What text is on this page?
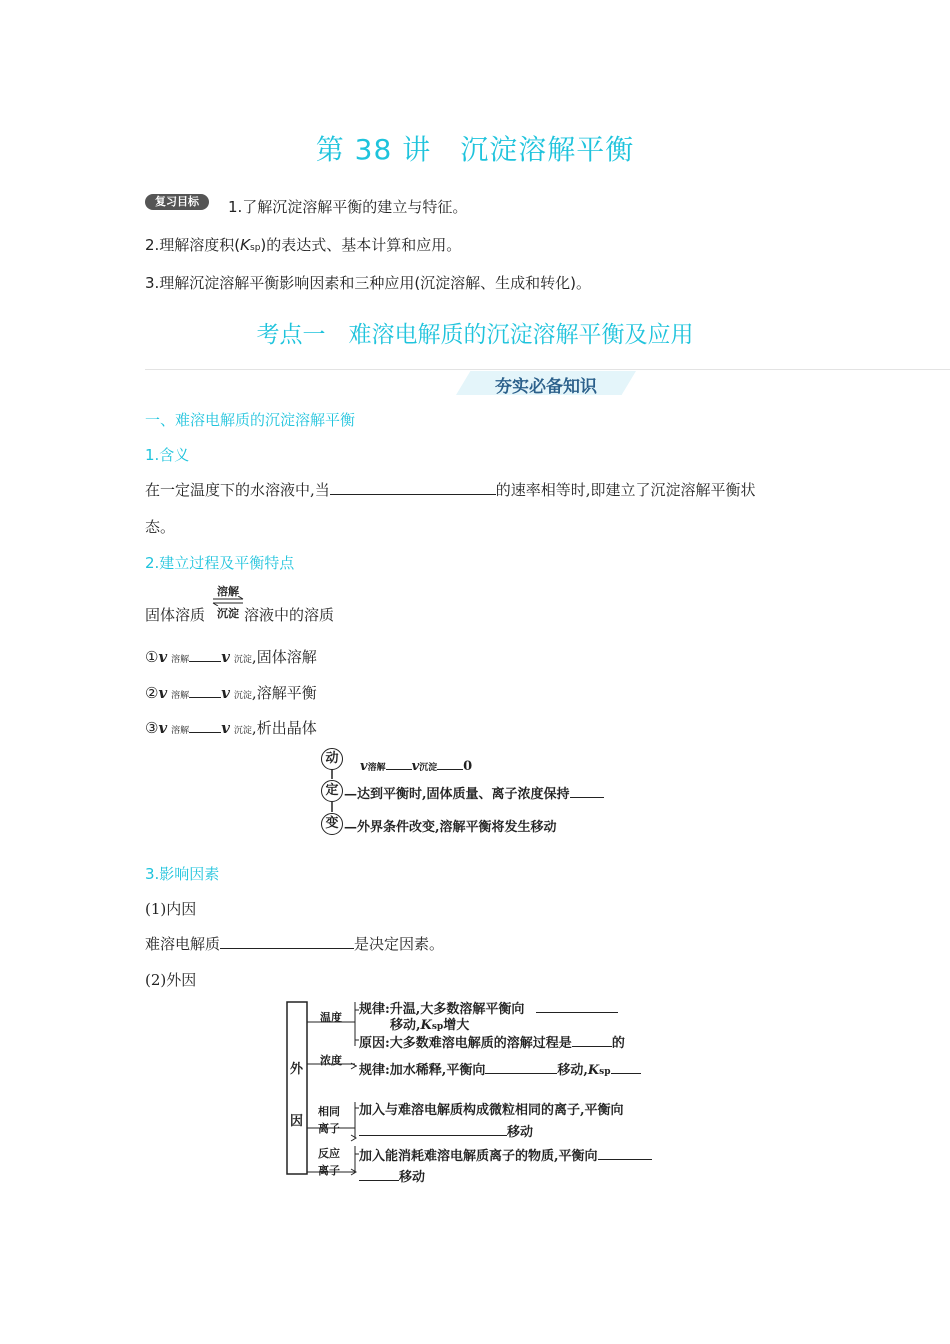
第 38 讲　沉淀溶解平衡
复习目标	1.了解沉淀溶解平衡的建立与特征。
2.理解溶度积(Ksp)的表达式、基本计算和应用。
3.理解沉淀溶解平衡影响因素和三种应用(沉淀溶解、生成和转化)。
考点一　难溶电解质的沉淀溶解平衡及应用
夯实必备知识
一、难溶电解质的沉淀溶解平衡
1.含义
在一定温度下的水溶液中,当	的速率相等时,即建立了沉淀溶解平衡状
态。
2.建立过程及平衡特点
固体溶质
溶解
沉淀 溶液中的溶质
①v 溶解 v 沉淀,固体溶解
②v 溶解 v 沉淀,溶解平衡
③v 溶解 v 沉淀,析出晶体
动
定
变
v溶解 v沉淀 0
—达到平衡时,固体质量、离子浓度保持
—外界条件改变,溶解平衡将发生移动
3.影响因素
(1)内因
难溶电解质	是决定因素。
(2)外因
外
因
温度
浓度
相同
离子
反应
离子
规律:升温,大多数溶解平衡向
移动,Ksp增大
原因:大多数难溶电解质的溶解过程是	的
规律:加水稀释,平衡向	移动,Ksp
加入与难溶电解质构成微粒相同的离子,平衡向
移动
加入能消耗难溶电解质离子的物质,平衡向
移动
